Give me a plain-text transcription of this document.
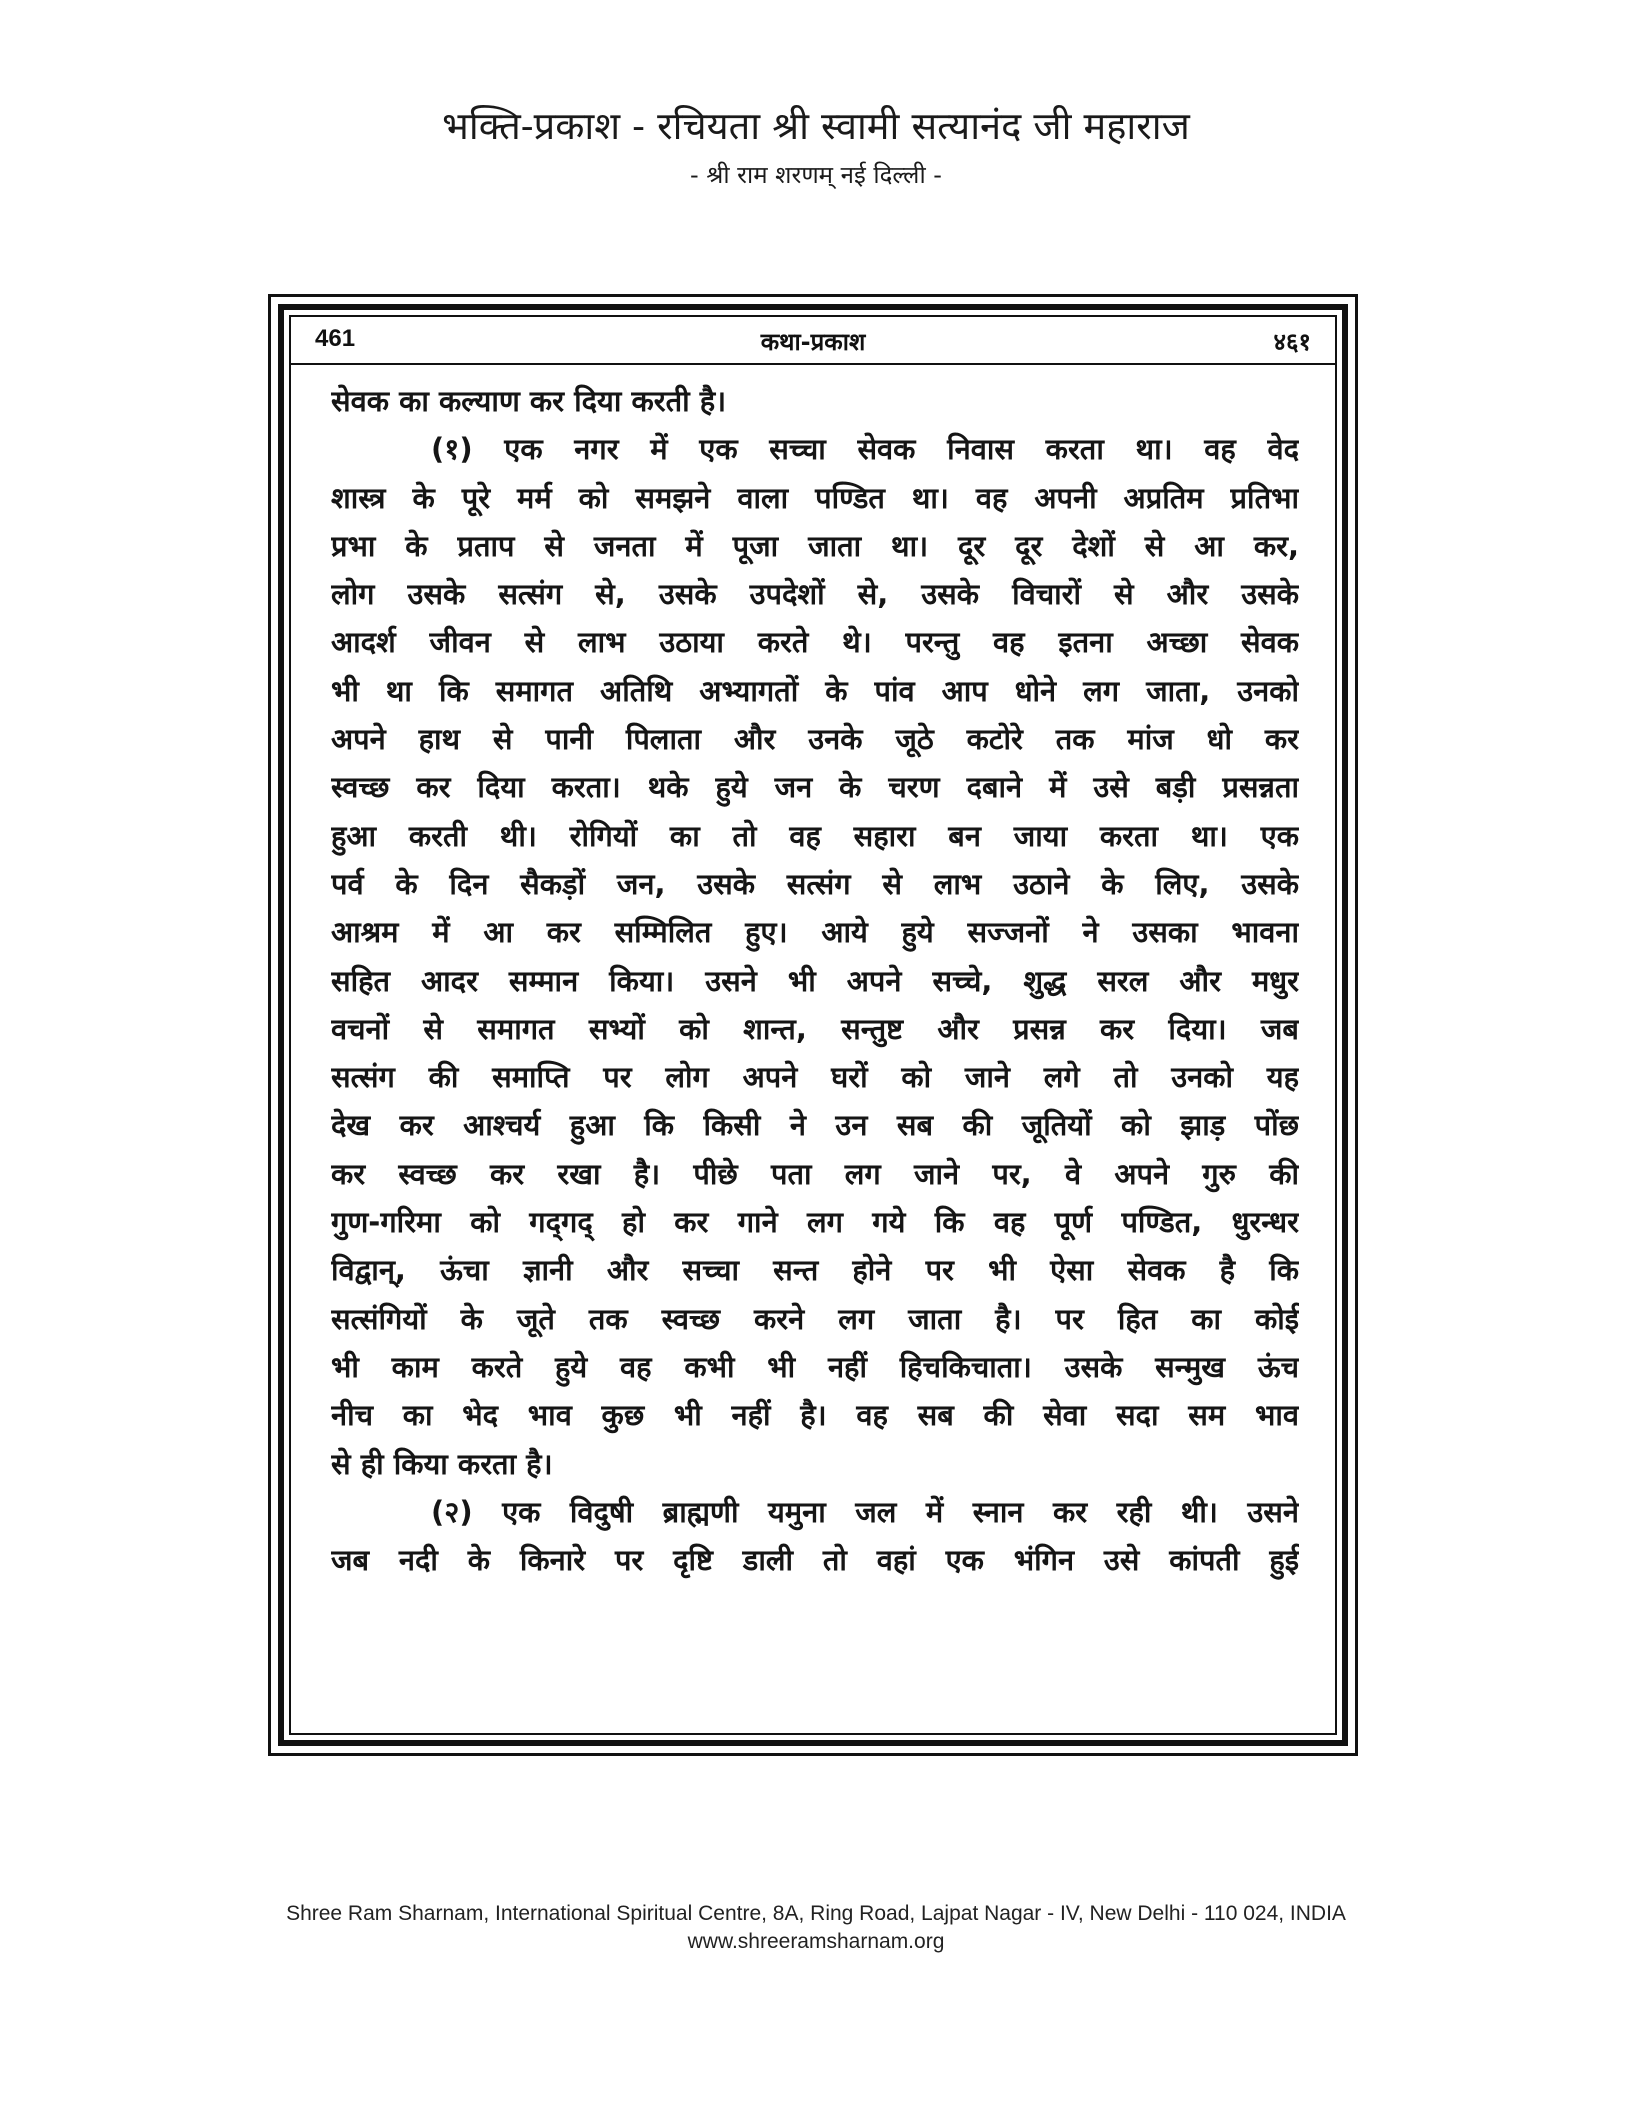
भक्ति-प्रकाश - रचियता श्री स्वामी सत्यानंद जी महाराज
- श्री राम शरणम् नई दिल्ली -
461	कथा-प्रकाश	४६१
सेवक का कल्याण कर दिया करती है।
(१) एक नगर में एक सच्चा सेवक निवास करता था। वह वेद
शास्त्र के पूरे मर्म को समझने वाला पण्डित था। वह अपनी अप्रतिम प्रतिभा
प्रभा के प्रताप से जनता में पूजा जाता था। दूर दूर देशों से आ कर,
लोग उसके सत्संग से, उसके उपदेशों से, उसके विचारों से और उसके
आदर्श जीवन से लाभ उठाया करते थे। परन्तु वह इतना अच्छा सेवक
भी था कि समागत अतिथि अभ्यागतों के पांव आप धोने लग जाता, उनको
अपने हाथ से पानी पिलाता और उनके जूठे कटोरे तक मांज धो कर
स्वच्छ कर दिया करता। थके हुये जन के चरण दबाने में उसे बड़ी प्रसन्नता
हुआ करती थी। रोगियों का तो वह सहारा बन जाया करता था। एक
पर्व के दिन सैकड़ों जन, उसके सत्संग से लाभ उठाने के लिए, उसके
आश्रम में आ कर सम्मिलित हुए। आये हुये सज्जनों ने उसका भावना
सहित आदर सम्मान किया। उसने भी अपने सच्चे, शुद्ध सरल और मधुर
वचनों से समागत सभ्यों को शान्त, सन्तुष्ट और प्रसन्न कर दिया। जब
सत्संग की समाप्ति पर लोग अपने घरों को जाने लगे तो उनको यह
देख कर आश्चर्य हुआ कि किसी ने उन सब की जूतियों को झाड़ पोंछ
कर स्वच्छ कर रखा है। पीछे पता लग जाने पर, वे अपने गुरु की
गुण-गरिमा को गद्‌गद्‌ हो कर गाने लग गये कि वह पूर्ण पण्डित, धुरन्धर
विद्वान्‌, ऊंचा ज्ञानी और सच्चा सन्त होने पर भी ऐसा सेवक है कि
सत्संगियों के जूते तक स्वच्छ करने लग जाता है। पर हित का कोई
भी काम करते हुये वह कभी भी नहीं हिचकिचाता। उसके सन्मुख ऊंच
नीच का भेद भाव कुछ भी नहीं है। वह सब की सेवा सदा सम भाव
से ही किया करता है।
(२) एक विदुषी ब्राह्मणी यमुना जल में स्नान कर रही थी। उसने
जब नदी के किनारे पर दृष्टि डाली तो वहां एक भंगिन उसे कांपती हुई
Shree Ram Sharnam, International Spiritual Centre, 8A, Ring Road, Lajpat Nagar - IV, New Delhi - 110 024, INDIA
www.shreeramsharnam.org
